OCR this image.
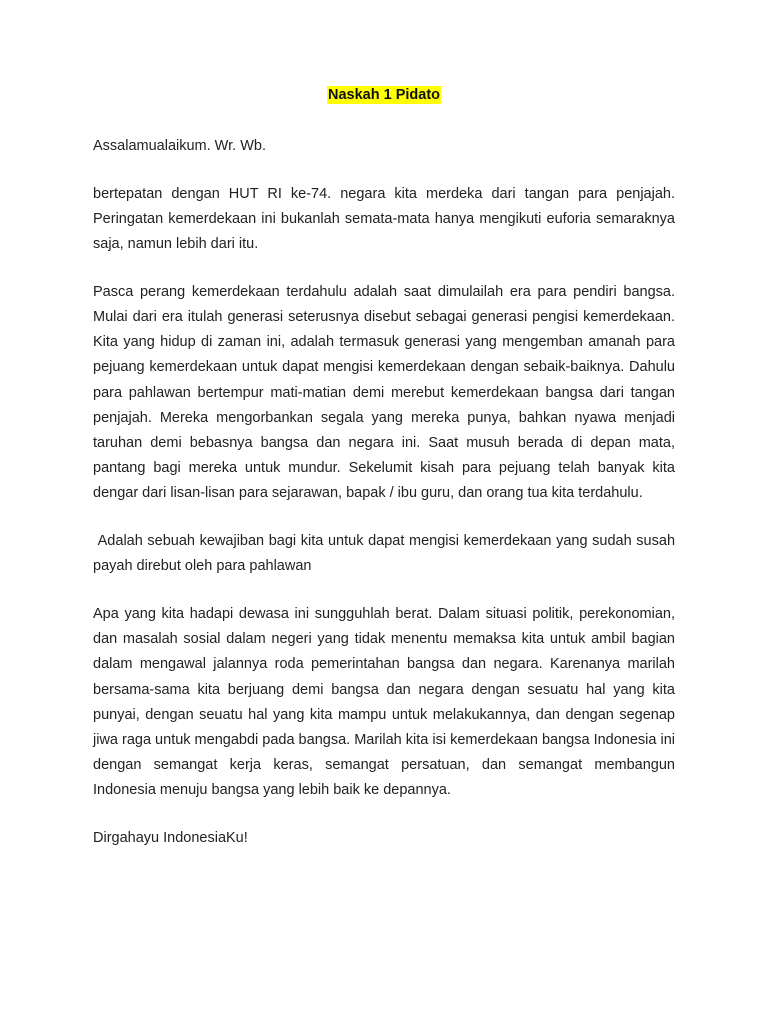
Naskah 1 Pidato

Assalamualaikum. Wr. Wb.

bertepatan dengan HUT RI ke-74. negara kita merdeka dari tangan para penjajah. Peringatan kemerdekaan ini bukanlah semata-mata hanya mengikuti euforia semaraknya saja, namun lebih dari itu.

Pasca perang kemerdekaan terdahulu adalah saat dimulailah era para pendiri bangsa. Mulai dari era itulah generasi seterusnya disebut sebagai generasi pengisi kemerdekaan. Kita yang hidup di zaman ini, adalah termasuk generasi yang mengemban amanah para pejuang kemerdekaan untuk dapat mengisi kemerdekaan dengan sebaik-baiknya. Dahulu para pahlawan bertempur mati-matian demi merebut kemerdekaan bangsa dari tangan penjajah. Mereka mengorbankan segala yang mereka punya, bahkan nyawa menjadi taruhan demi bebasnya bangsa dan negara ini. Saat musuh berada di depan mata, pantang bagi mereka untuk mundur. Sekelumit kisah para pejuang telah banyak kita dengar dari lisan-lisan para sejarawan, bapak / ibu guru, dan orang tua kita terdahulu.

Adalah sebuah kewajiban bagi kita untuk dapat mengisi kemerdekaan yang sudah susah payah direbut oleh para pahlawan

Apa yang kita hadapi dewasa ini sungguhlah berat. Dalam situasi politik, perekonomian, dan masalah sosial dalam negeri yang tidak menentu memaksa kita untuk ambil bagian dalam mengawal jalannya roda pemerintahan bangsa dan negara. Karenanya marilah bersama-sama kita berjuang demi bangsa dan negara dengan sesuatu hal yang kita punyai, dengan seuatu hal yang kita mampu untuk melakukannya, dan dengan segenap jiwa raga untuk mengabdi pada bangsa. Marilah kita isi kemerdekaan bangsa Indonesia ini dengan semangat kerja keras, semangat persatuan, dan semangat membangun Indonesia menuju bangsa yang lebih baik ke depannya.

Dirgahayu IndonesiaKu!
